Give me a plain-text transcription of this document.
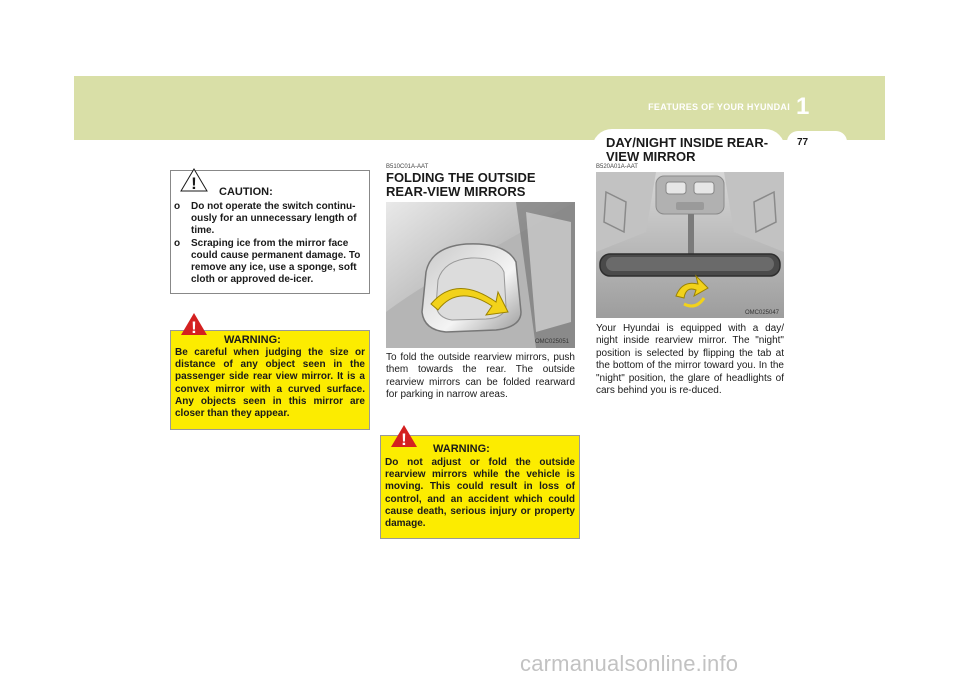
FEATURES OF YOUR HYUNDAI 1
77
DAY/NIGHT INSIDE REAR-VIEW MIRROR
! CAUTION:
o Do not operate the switch continu-ously for an unnecessary length of time.
o Scraping ice from the mirror face could cause permanent damage. To remove any ice, use a sponge, soft cloth or approved de-icer.
!
WARNING:
Be careful when judging the size or distance of any object seen in the passenger side rear view mirror. It is a convex mirror with a curved surface. Any objects seen in this mirror are closer than they appear.
B510C01A-AAT
FOLDING THE OUTSIDE REAR-VIEW MIRRORS
OMC025051
To fold the outside rearview mirrors, push them towards the rear. The outside rearview mirrors can be folded rearward for parking in narrow areas.
! WARNING:
Do not adjust or fold the outside rearview mirrors while the vehicle is moving. This could result in loss of control, and an accident which could cause death, serious injury or property damage.
B520A01A-AAT
OMC025047
Your Hyundai is equipped with a day/ night inside rearview mirror. The "night" position is selected by flipping the tab at the bottom of the mirror toward you. In the "night" position, the glare of headlights of cars behind you is re-duced.
carmanualsonline.info
